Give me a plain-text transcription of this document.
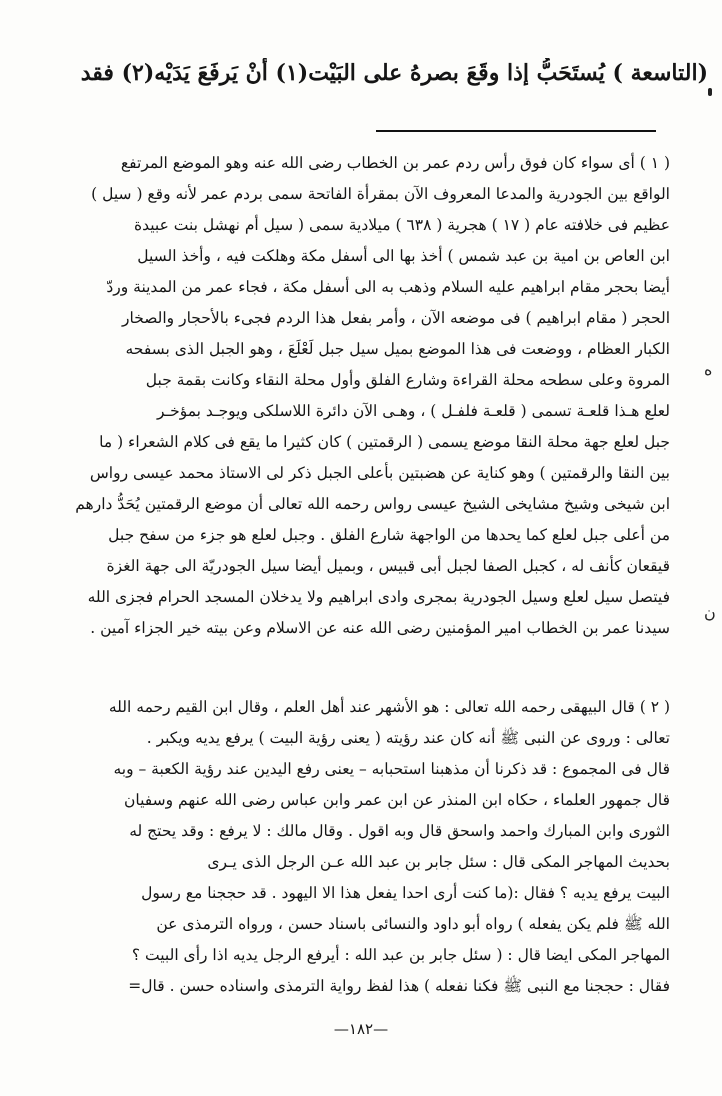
(التاسعة ) يُستَحَبُّ إذا وقَعَ بصرهُ على البَيْت(١) أنْ يَرفَعَ يَدَيْه(٢) فقد

( ١ ) أى سواء كان فوق رأس ردم عمر بن الخطاب رضى الله عنه وهو الموضع المرتفع
الواقع بين الجودرية والمدعا المعروف الآن بمقرأة الفاتحة سمى بردم عمر لأنه وقع ( سيل )
عظيم فى خلافته عام ( ١٧ ) هجرية ( ٦٣٨ ) ميلادية سمى ( سيل أم نهشل بنت عبيدة
ابن العاص بن امية بن عبد شمس ) أخذ بها الى أسفل مكة وهلكت فيه ، وأخذ السيل
أيضا بحجر مقام ابراهيم عليه السلام وذهب به الى أسفل مكة ، فجاء عمر من المدينة وردّ
الحجر ( مقام ابراهيم ) فى موضعه الآن ، وأمر بفعل هذا الردم فجىء بالأحجار والصخار
الكبار العظام ، ووضعت فى هذا الموضع بميل سيل جبل لَعْلَعَ ، وهو الجبل الذى بسفحه
المروة وعلى سطحه محلة القراءة وشارع الفلق وأول محلة النقاء وكانت بقمة جبل
لعلع هـذا قلعـة تسمى ( قلعـة فلفـل ) ، وهـى الآن دائرة اللاسلكى ويوجـد بمؤخـر
جبل لعلع جهة محلة النقا موضع يسمى ( الرقمتين ) كان كثيرا ما يقع فى كلام الشعراء ( ما
بين النقا والرقمتين ) وهو كناية عن هضبتين بأعلى الجبل ذكر لى الاستاذ محمد عيسى رواس
ابن شيخى وشيخ مشايخى الشيخ عيسى رواس رحمه الله تعالى أن موضع الرقمتين يُحَدُّ دارهم
من أعلى جبل لعلع كما يحدها من الواجهة شارع الفلق . وجبل لعلع هو جزء من سفح جبل
قيقعان كأنف له ، كجبل الصفا لجبل أبى قبيس ، وبميل أيضا سيل الجودريّة الى جهة الغزة
فيتصل سيل لعلع وسيل الجودرية بمجرى وادى ابراهيم ولا يدخلان المسجد الحرام فجزى الله
سيدنا عمر بن الخطاب امير المؤمنين رضى الله عنه عن الاسلام وعن بيته خير الجزاء آمين .

( ٢ ) قال البيهقى رحمه الله تعالى : هو الأشهر عند أهل العلم ، وقال ابن القيم رحمه الله
تعالى : وروى عن النبى ﷺ أنه كان عند رؤيته ( يعنى رؤية البيت ) يرفع يديه ويكبر .
قال فى المجموع : قد ذكرنا أن مذهبنا استحبابه – يعنى رفع اليدين عند رؤية الكعبة – وبه
قال جمهور العلماء ، حكاه ابن المنذر عن ابن عمر وابن عباس رضى الله عنهم وسفيان
الثورى وابن المبارك واحمد واسحق قال وبه اقول . وقال مالك : لا يرفع : وقد يحتج له
بحديث المهاجر المكى قال : سئل جابر بن عبد الله عـن الرجل الذى يـرى
البيت يرفع يديه ؟ فقال :(ما كنت أرى احدا يفعل هذا الا اليهود . قد حججنا مع رسول
الله ﷺ فلم يكن يفعله ) رواه أبو داود والنسائى باسناد حسن ، ورواه الترمذى عن
المهاجر المكى ايضا قال : ( سئل جابر بن عبد الله : أيرفع الرجل يديه اذا رأى البيت ؟
فقال : حججنا مع النبى ﷺ فكنا نفعله ) هذا لفظ رواية الترمذى واسناده حسن . قال=

ه
ن
—١٨٢—
